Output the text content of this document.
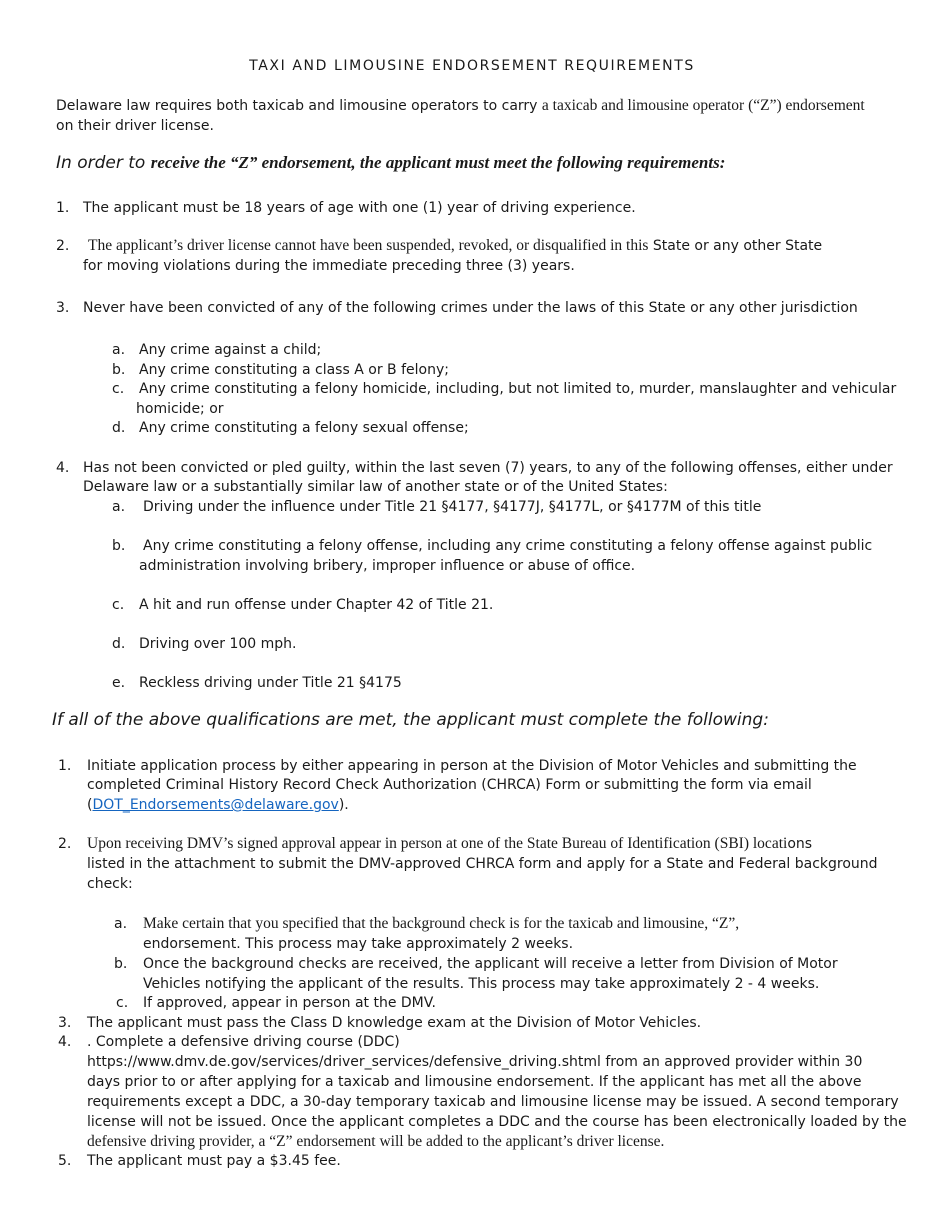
TAXI AND LIMOUSINE ENDORSEMENT REQUIREMENTS
Delaware law requires both taxicab and limousine operators to carry a taxicab and limousine operator (“Z”) endorsement
on their driver license.
In order to receive the “Z” endorsement, the applicant must meet the following requirements:
1. The applicant must be 18 years of age with one (1) year of driving experience.
2. The applicant’s driver license cannot have been suspended, revoked, or disqualified in this State or any other State
for moving violations during the immediate preceding three (3) years.
3. Never have been convicted of any of the following crimes under the laws of this State or any other jurisdiction
a. Any crime against a child;
b. Any crime constituting a class A or B felony;
c. Any crime constituting a felony homicide, including, but not limited to, murder, manslaughter and vehicular
homicide; or
d. Any crime constituting a felony sexual offense;
4. Has not been convicted or pled guilty, within the last seven (7) years, to any of the following offenses, either under
Delaware law or a substantially similar law of another state or of the United States:
a. Driving under the influence under Title 21 §4177, §4177J, §4177L, or §4177M of this title
b. Any crime constituting a felony offense, including any crime constituting a felony offense against public
administration involving bribery, improper influence or abuse of office.
c. A hit and run offense under Chapter 42 of Title 21.
d. Driving over 100 mph.
e. Reckless driving under Title 21 §4175
If all of the above qualifications are met, the applicant must complete the following:
1. Initiate application process by either appearing in person at the Division of Motor Vehicles and submitting the
completed Criminal History Record Check Authorization (CHRCA) Form or submitting the form via email
(DOT_Endorsements@delaware.gov).
2. Upon receiving DMV’s signed approval appear in person at one of the State Bureau of Identification (SBI) locations
listed in the attachment to submit the DMV-approved CHRCA form and apply for a State and Federal background
check:
a. Make certain that you specified that the background check is for the taxicab and limousine, “Z”,
endorsement. This process may take approximately 2 weeks.
b. Once the background checks are received, the applicant will receive a letter from Division of Motor
Vehicles notifying the applicant of the results. This process may take approximately 2 - 4 weeks.
c. If approved, appear in person at the DMV.
3. The applicant must pass the Class D knowledge exam at the Division of Motor Vehicles.
4. . Complete a defensive driving course (DDC)
https://www.dmv.de.gov/services/driver_services/defensive_driving.shtml from an approved provider within 30
days prior to or after applying for a taxicab and limousine endorsement. If the applicant has met all the above
requirements except a DDC, a 30-day temporary taxicab and limousine license may be issued. A second temporary
license will not be issued. Once the applicant completes a DDC and the course has been electronically loaded by the
defensive driving provider, a “Z” endorsement will be added to the applicant’s driver license.
5. The applicant must pay a $3.45 fee.
